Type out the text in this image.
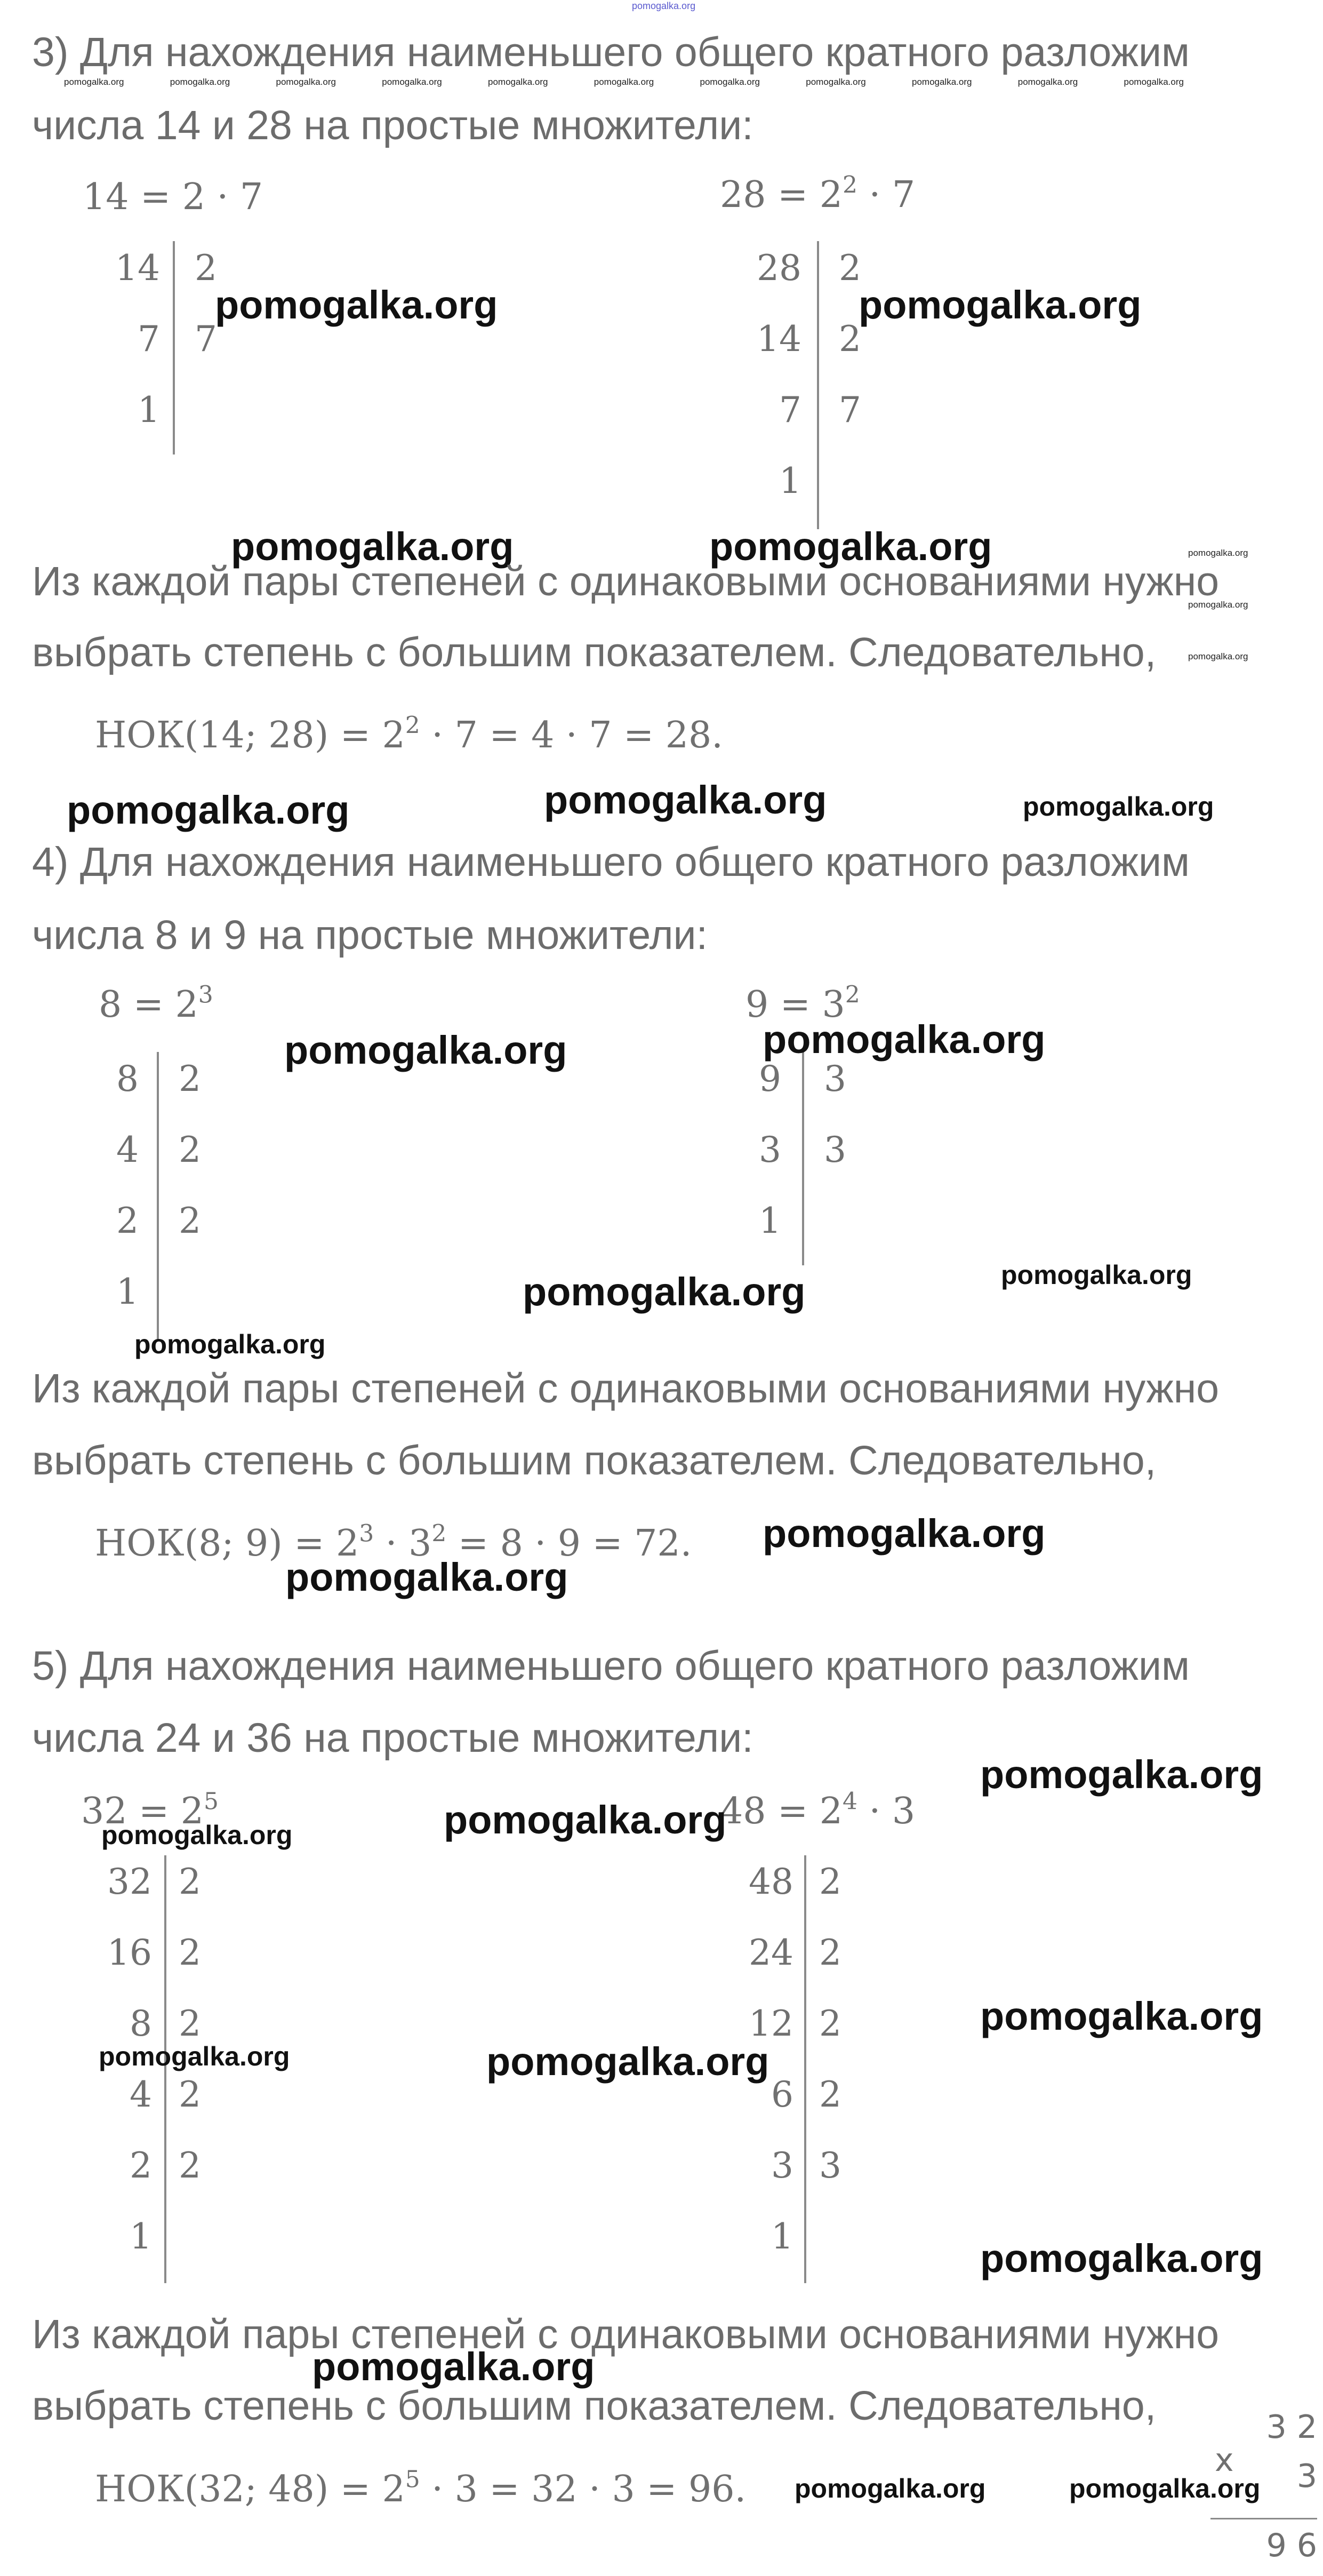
pomogalka.org
3) Для нахождения наименьшего общего кратного разложим
числа 14 и 28 на простые множители:
pomogalka.org	pomogalka.org	pomogalka.org	pomogalka.org	pomogalka.org	pomogalka.org	pomogalka.org	pomogalka.org	pomogalka.org	pomogalka.org	pomogalka.org
14 = 2 · 7	$28 = 2^2 \cdot 7$
14 2
7 7
1
28 2
14 2
7 7
1
pomogalka.org	pomogalka.org
pomogalka.org	pomogalka.org
Из каждой пары степеней с одинаковыми основаниями нужно
выбрать степень с большим показателем. Следовательно,
pomogalka.org
pomogalka.org
pomogalka.org
НОК(14; $28) = 2^2 \cdot 7 = 4 \cdot 7 = 28$.
pomogalka.org	pomogalka.org	pomogalka.org
4) Для нахождения наименьшего общего кратного разложим
числа 8 и 9 на простые множители:
$8 = 2^3$	$9 = 3^2$
8 2
4 2
2 2
1
9 3
3 3
1
pomogalka.org	pomogalka.org
pomogalka.org	pomogalka.org
pomogalka.org
Из каждой пары степеней с одинаковыми основаниями нужно
выбрать степень с большим показателем. Следовательно,
НОК(8; $9) = 2^3 \cdot 3^2 = 8 \cdot 9 = 72$. pomogalka.org
pomogalka.org
5) Для нахождения наименьшего общего кратного разложим
числа 24 и 36 на простые множители:
$32 = 2^5$	$48 = 2^4 \cdot 3$
pomogalka.org
pomogalka.org
pomogalka.org
32 2
16 2
8 2
4 2
2 2
1
48 2
24 2
12 2
6 2
3 3
1
pomogalka.org
pomogalka.org
pomogalka.org
pomogalka.org
Из каждой пары степеней с одинаковыми основаниями нужно
выбрать степень с большим показателем. Следовательно,
pomogalka.org
НОК(32; $48) = 2^5 \cdot 3 = 32 \cdot 3 = 96$. pomogalka.org	pomogalka.org
3 2
x 3
9 6
